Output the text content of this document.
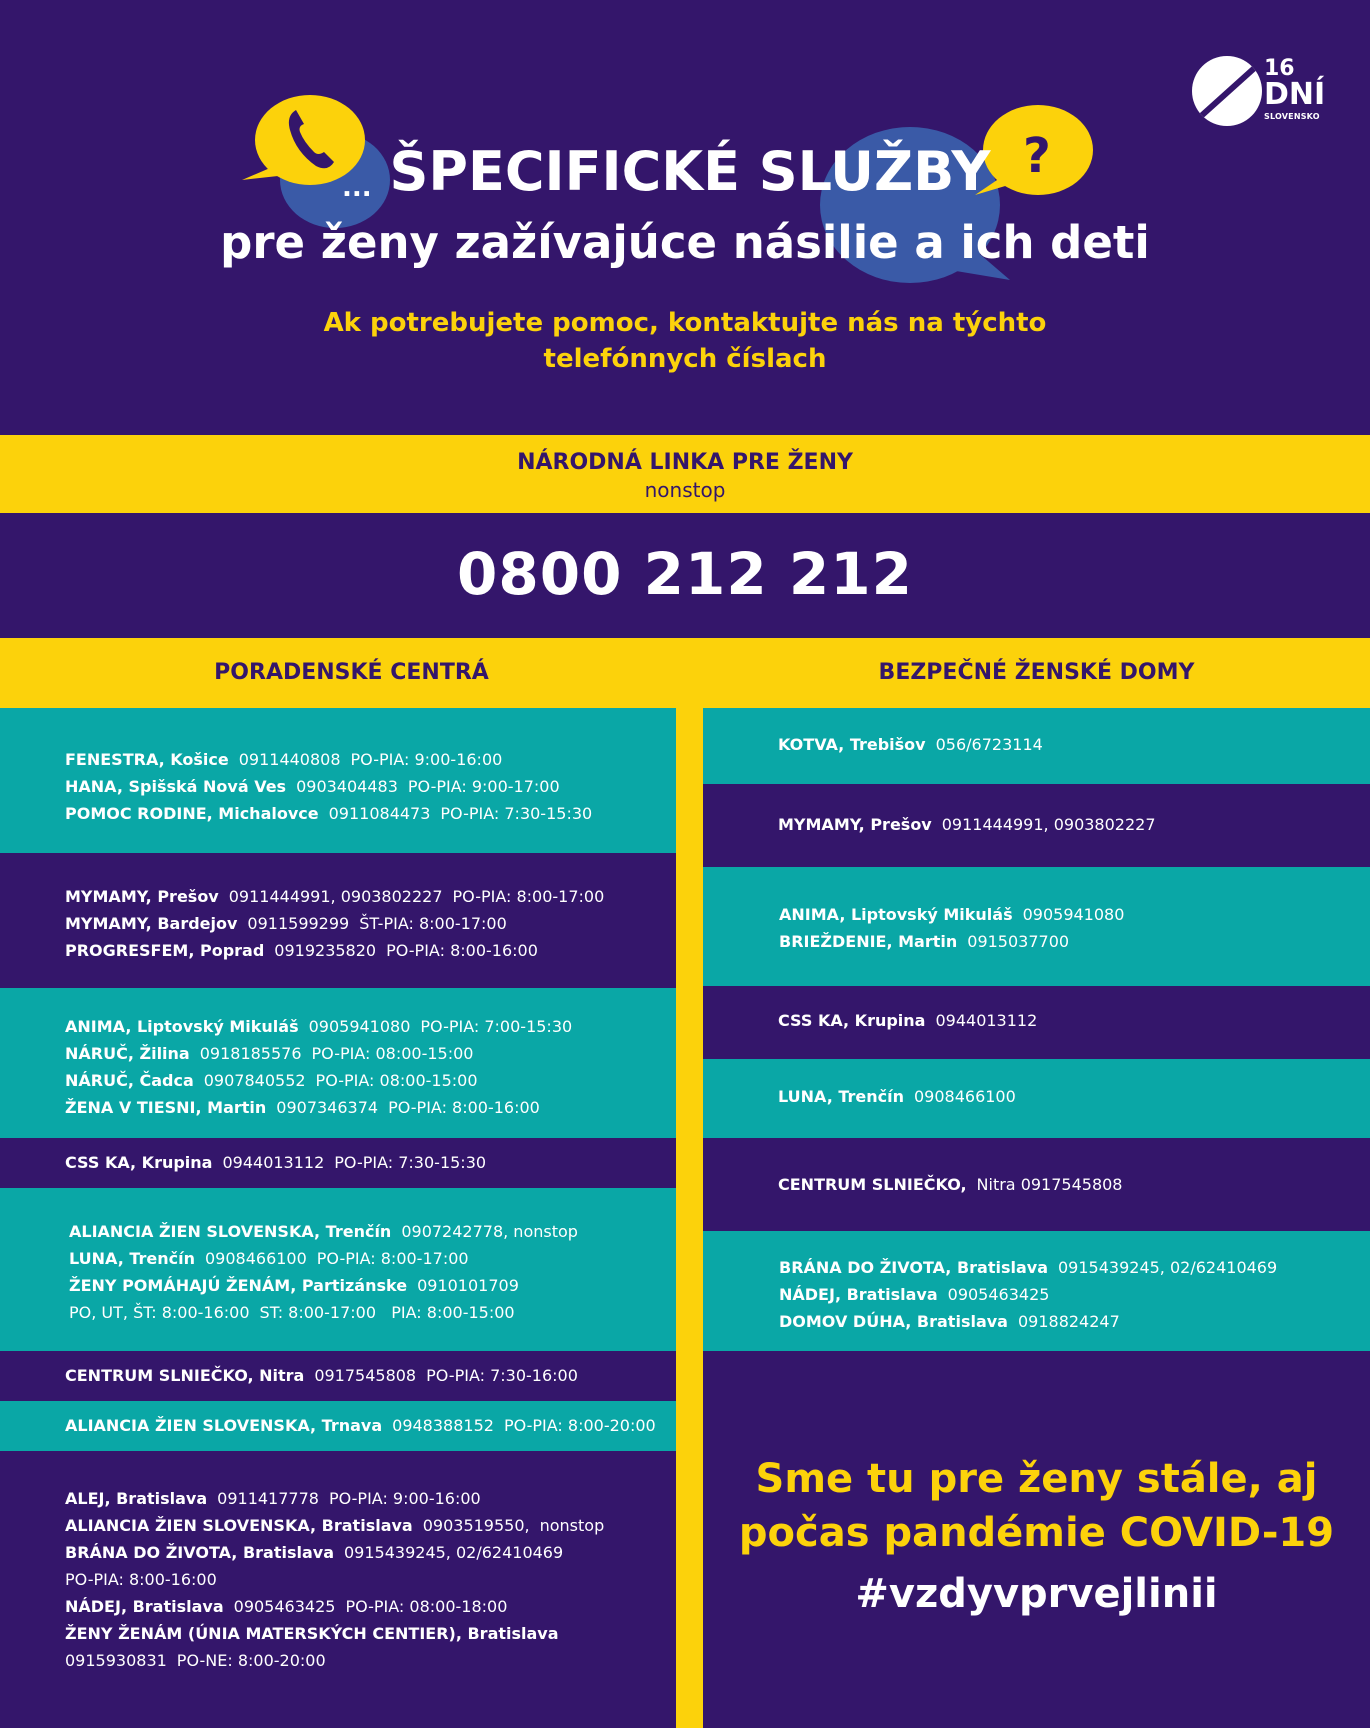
16
DNÍ
SLOVENSKO
...
?
ŠPECIFICKÉ SLUŽBY
pre ženy zažívajúce násilie a ich deti
Ak potrebujete pomoc, kontaktujte nás na týchto
telefónnych číslach
NÁRODNÁ LINKA PRE ŽENY
nonstop
0800 212 212
PORADENSKÉ CENTRÁ	BEZPEČNÉ ŽENSKÉ DOMY
FENESTRA, Košice 0911440808 PO-PIA: 9:00-16:00
HANA, Spišská Nová Ves 0903404483 PO-PIA: 9:00-17:00
POMOC RODINE, Michalovce 0911084473 PO-PIA: 7:30-15:30
MYMAMY, Prešov 0911444991, 0903802227 PO-PIA: 8:00-17:00
MYMAMY, Bardejov 0911599299 ŠT-PIA: 8:00-17:00
PROGRESFEM, Poprad 0919235820 PO-PIA: 8:00-16:00
ANIMA, Liptovský Mikuláš 0905941080 PO-PIA: 7:00-15:30
NÁRUČ, Žilina 0918185576 PO-PIA: 08:00-15:00
NÁRUČ, Čadca 0907840552 PO-PIA: 08:00-15:00
ŽENA V TIESNI, Martin 0907346374 PO-PIA: 8:00-16:00
CSS KA, Krupina 0944013112 PO-PIA: 7:30-15:30
ALIANCIA ŽIEN SLOVENSKA, Trenčín 0907242778, nonstop
LUNA, Trenčín 0908466100 PO-PIA: 8:00-17:00
ŽENY POMÁHAJÚ ŽENÁM, Partizánske 0910101709
PO, UT, ŠT: 8:00-16:00 ST: 8:00-17:00   PIA: 8:00-15:00
CENTRUM SLNIEČKO, Nitra 0917545808 PO-PIA: 7:30-16:00
ALIANCIA ŽIEN SLOVENSKA, Trnava 0948388152 PO-PIA: 8:00-20:00
ALEJ, Bratislava 0911417778 PO-PIA: 9:00-16:00
ALIANCIA ŽIEN SLOVENSKA, Bratislava 0903519550, nonstop
BRÁNA DO ŽIVOTA, Bratislava 0915439245, 02/62410469
PO-PIA: 8:00-16:00
NÁDEJ, Bratislava 0905463425 PO-PIA: 08:00-18:00
ŽENY ŽENÁM (ÚNIA MATERSKÝCH CENTIER), Bratislava
0915930831 PO-NE: 8:00-20:00
KOTVA, Trebišov 056/6723114
MYMAMY, Prešov 0911444991, 0903802227
ANIMA, Liptovský Mikuláš 0905941080
BRIEŽDENIE, Martin 0915037700
CSS KA, Krupina 0944013112
LUNA, Trenčín 0908466100
CENTRUM SLNIEČKO, Nitra 0917545808
BRÁNA DO ŽIVOTA, Bratislava 0915439245, 02/62410469
NÁDEJ, Bratislava 0905463425
DOMOV DÚHA, Bratislava 0918824247
Sme tu pre ženy stále, aj
počas pandémie COVID-19
#vzdyvprvejlinii
